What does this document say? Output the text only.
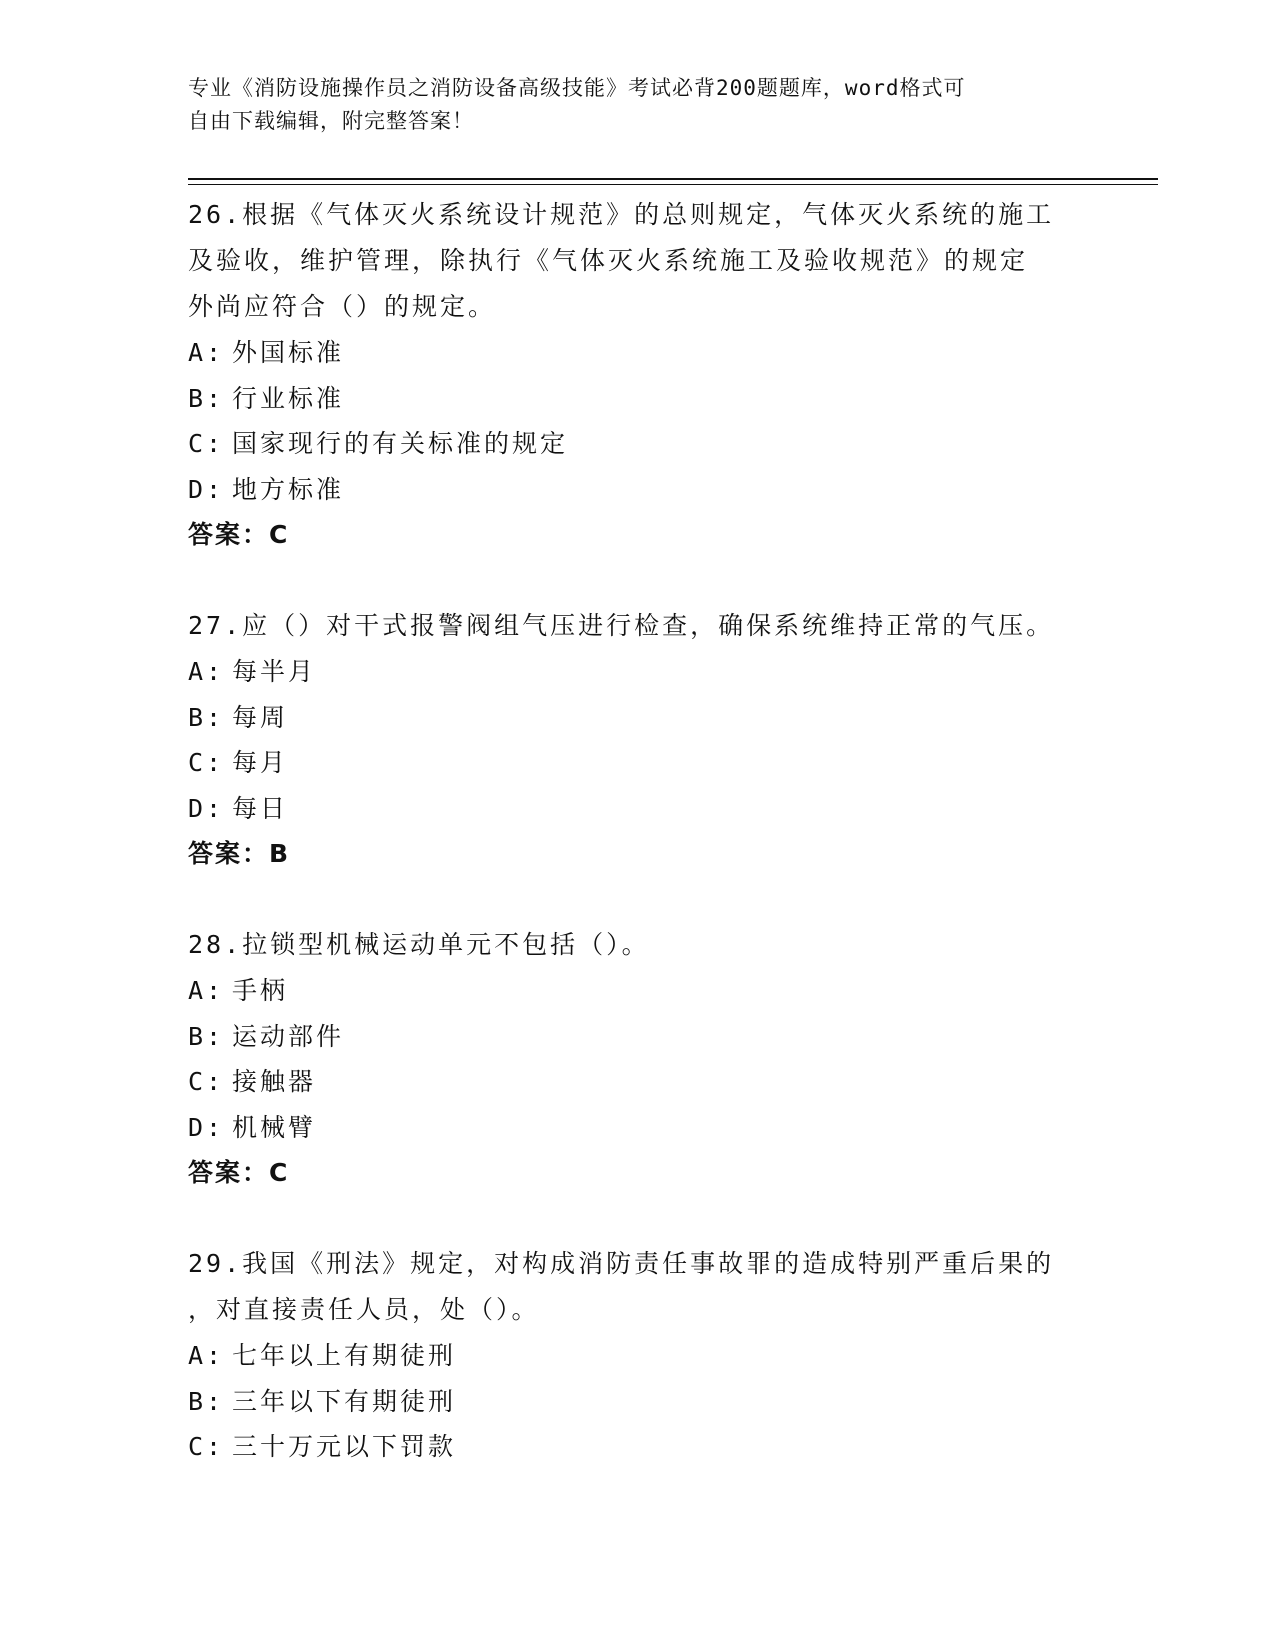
专业《消防设施操作员之消防设备高级技能》考试必背200题题库，word格式可
自由下载编辑，附完整答案！
26.根据《气体灭火系统设计规范》的总则规定，气体灭火系统的施工
及验收，维护管理，除执行《气体灭火系统施工及验收规范》的规定
外尚应符合（）的规定。
A: 外国标准
B: 行业标准
C: 国家现行的有关标准的规定
D: 地方标准
答案：C
27.应（）对干式报警阀组气压进行检查，确保系统维持正常的气压。
A: 每半月
B: 每周
C: 每月
D: 每日
答案：B
28.拉锁型机械运动单元不包括（）。
A: 手柄
B: 运动部件
C: 接触器
D: 机械臂
答案：C
29.我国《刑法》规定，对构成消防责任事故罪的造成特别严重后果的
，对直接责任人员，处（）。
A: 七年以上有期徒刑
B: 三年以下有期徒刑
C: 三十万元以下罚款
